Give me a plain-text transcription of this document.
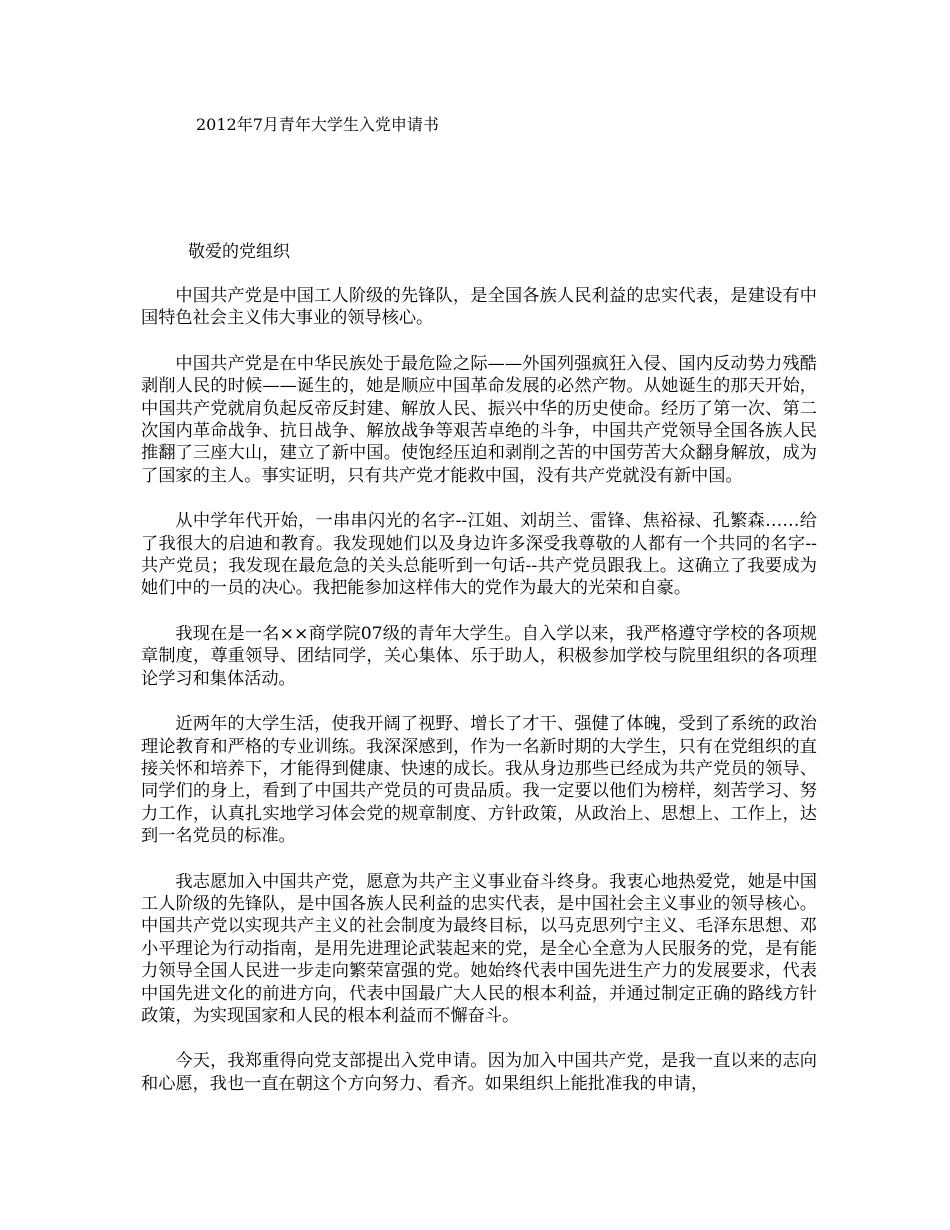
2012年7月青年大学生入党申请书
敬爱的党组织

中国共产党是中国工人阶级的先锋队，是全国各族人民利益的忠实代表，是建设有中国特色社会主义伟大事业的领导核心。

中国共产党是在中华民族处于最危险之际——外国列强疯狂入侵、国内反动势力残酷剥削人民的时候——诞生的，她是顺应中国革命发展的必然产物。从她诞生的那天开始，中国共产党就肩负起反帝反封建、解放人民、振兴中华的历史使命。经历了第一次、第二次国内革命战争、抗日战争、解放战争等艰苦卓绝的斗争，中国共产党领导全国各族人民推翻了三座大山，建立了新中国。使饱经压迫和剥削之苦的中国劳苦大众翻身解放，成为了国家的主人。事实证明，只有共产党才能救中国，没有共产党就没有新中国。

从中学年代开始，一串串闪光的名字--江姐、刘胡兰、雷锋、焦裕禄、孔繁森……给了我很大的启迪和教育。我发现她们以及身边许多深受我尊敬的人都有一个共同的名字--共产党员；我发现在最危急的关头总能听到一句话--共产党员跟我上。这确立了我要成为她们中的一员的决心。我把能参加这样伟大的党作为最大的光荣和自豪。

我现在是一名××商学院07级的青年大学生。自入学以来，我严格遵守学校的各项规章制度，尊重领导、团结同学，关心集体、乐于助人，积极参加学校与院里组织的各项理论学习和集体活动。

近两年的大学生活，使我开阔了视野、增长了才干、强健了体魄，受到了系统的政治理论教育和严格的专业训练。我深深感到，作为一名新时期的大学生，只有在党组织的直接关怀和培养下，才能得到健康、快速的成长。我从身边那些已经成为共产党员的领导、同学们的身上，看到了中国共产党员的可贵品质。我一定要以他们为榜样，刻苦学习、努力工作，认真扎实地学习体会党的规章制度、方针政策，从政治上、思想上、工作上，达到一名党员的标准。

我志愿加入中国共产党，愿意为共产主义事业奋斗终身。我衷心地热爱党，她是中国工人阶级的先锋队，是中国各族人民利益的忠实代表，是中国社会主义事业的领导核心。中国共产党以实现共产主义的社会制度为最终目标，以马克思列宁主义、毛泽东思想、邓小平理论为行动指南，是用先进理论武装起来的党，是全心全意为人民服务的党，是有能力领导全国人民进一步走向繁荣富强的党。她始终代表中国先进生产力的发展要求，代表中国先进文化的前进方向，代表中国最广大人民的根本利益，并通过制定正确的路线方针政策，为实现国家和人民的根本利益而不懈奋斗。

今天，我郑重得向党支部提出入党申请。因为加入中国共产党，是我一直以来的志向和心愿，我也一直在朝这个方向努力、看齐。如果组织上能批准我的申请，
